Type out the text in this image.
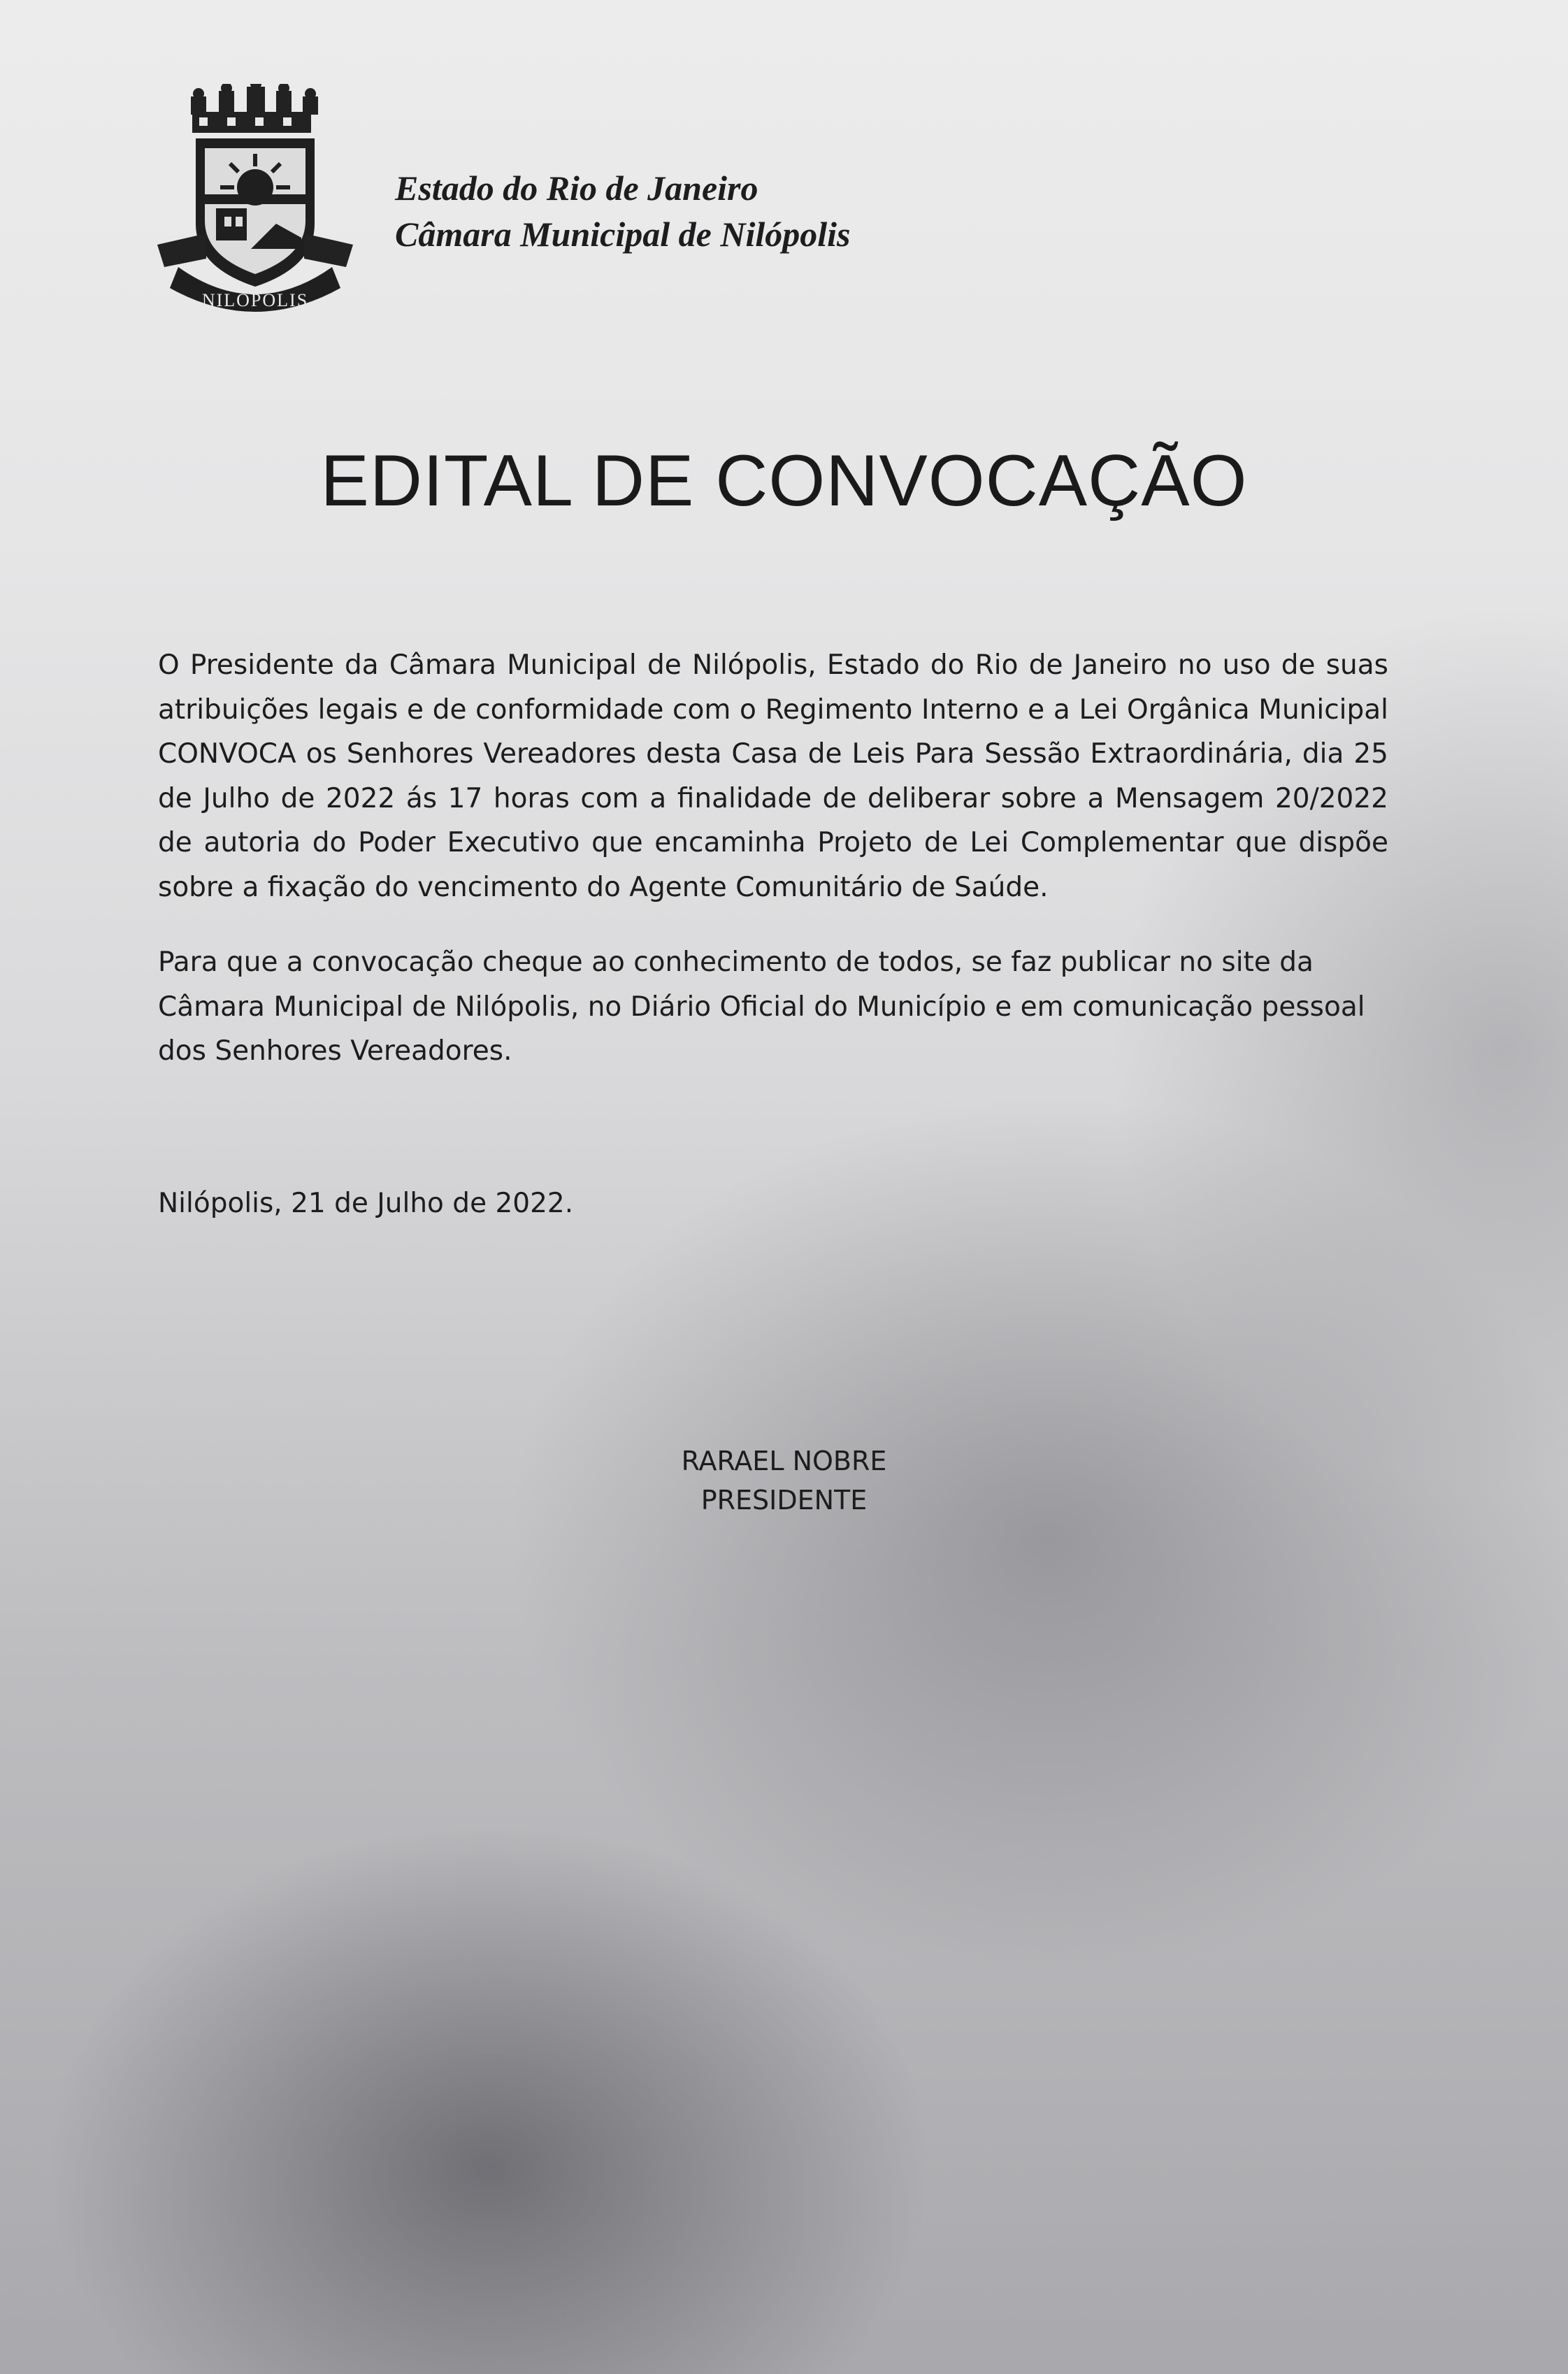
NILÓPOLIS
Estado do Rio de Janeiro
Câmara Municipal de Nilópolis
EDITAL DE CONVOCAÇÃO

O Presidente da Câmara Municipal de Nilópolis, Estado do Rio de Janeiro no uso de suas atribuições legais e de conformidade com o Regimento Interno e a Lei Orgânica Municipal CONVOCA os Senhores Vereadores desta Casa de Leis Para Sessão Extraordinária, dia 25 de Julho de 2022 ás 17 horas com a finalidade de deliberar sobre a Mensagem 20/2022 de autoria do Poder Executivo que encaminha Projeto de Lei Complementar que dispõe sobre a fixação do vencimento do Agente Comunitário de Saúde.

Para que a convocação cheque ao conhecimento de todos, se faz publicar no site da Câmara Municipal de Nilópolis, no Diário Oficial do Município e em comunicação pessoal dos Senhores Vereadores.

Nilópolis, 21 de Julho de 2022.
RARAEL NOBRE
PRESIDENTE
